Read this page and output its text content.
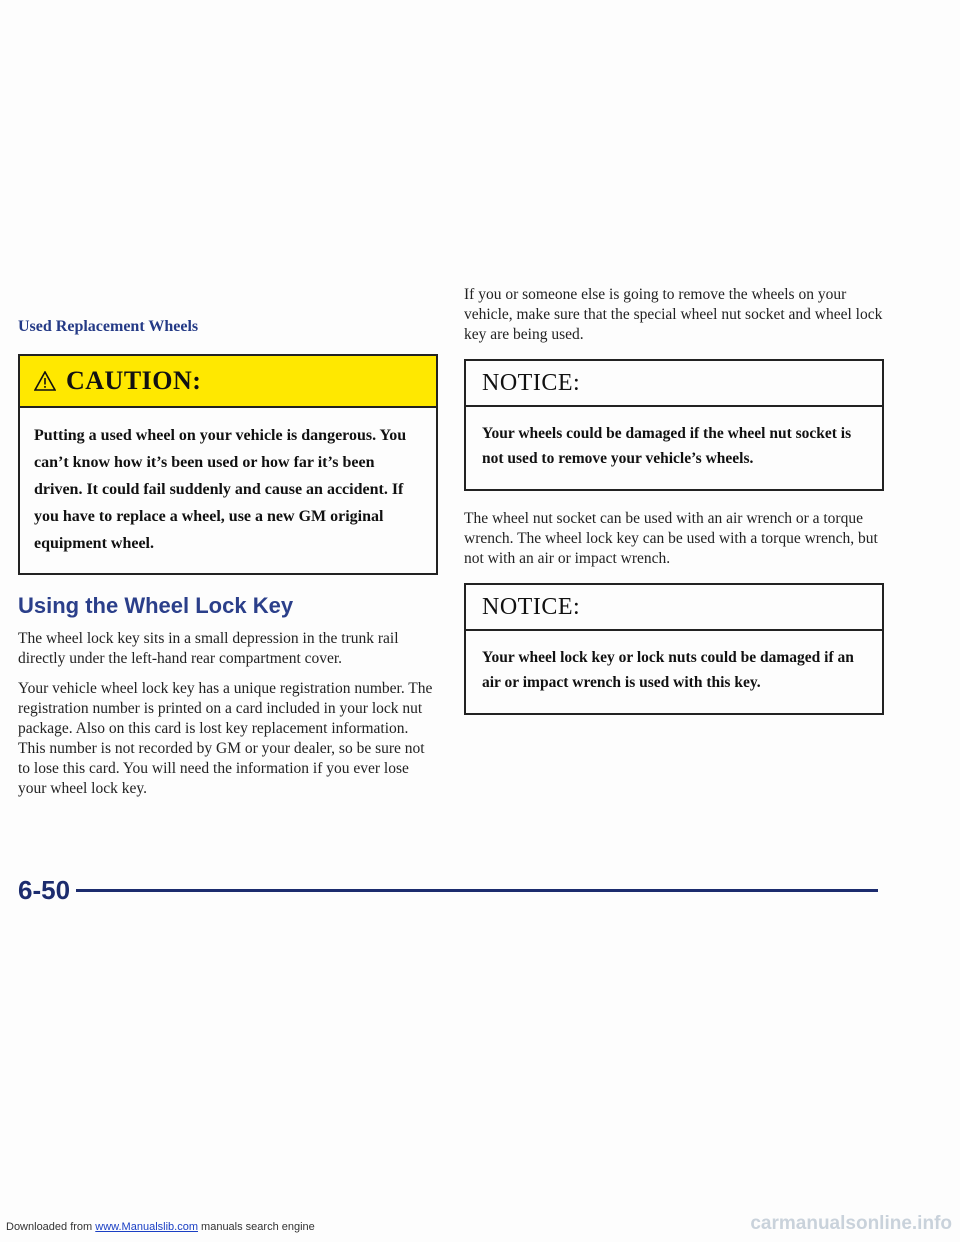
Used Replacement Wheels
CAUTION:
Putting a used wheel on your vehicle is dangerous. You can’t know how it’s been used or how far it’s been driven. It could fail suddenly and cause an accident. If you have to replace a wheel, use a new GM original equipment wheel.
Using the Wheel Lock Key

The wheel lock key sits in a small depression in the trunk rail directly under the left-hand rear compartment cover.

Your vehicle wheel lock key has a unique registration number. The registration number is printed on a card included in your lock nut package. Also on this card is lost key replacement information. This number is not recorded by GM or your dealer, so be sure not to lose this card. You will need the information if you ever lose your wheel lock key.

If you or someone else is going to remove the wheels on your vehicle, make sure that the special wheel nut socket and wheel lock key are being used.

NOTICE:
Your wheels could be damaged if the wheel nut socket is not used to remove your vehicle’s wheels.

The wheel nut socket can be used with an air wrench or a torque wrench. The wheel lock key can be used with a torque wrench, but not with an air or impact wrench.

NOTICE:
Your wheel lock key or lock nuts could be damaged if an air or impact wrench is used with this key.
6-50
Downloaded from www.Manualslib.com manuals search engine	carmanualsonline.info
